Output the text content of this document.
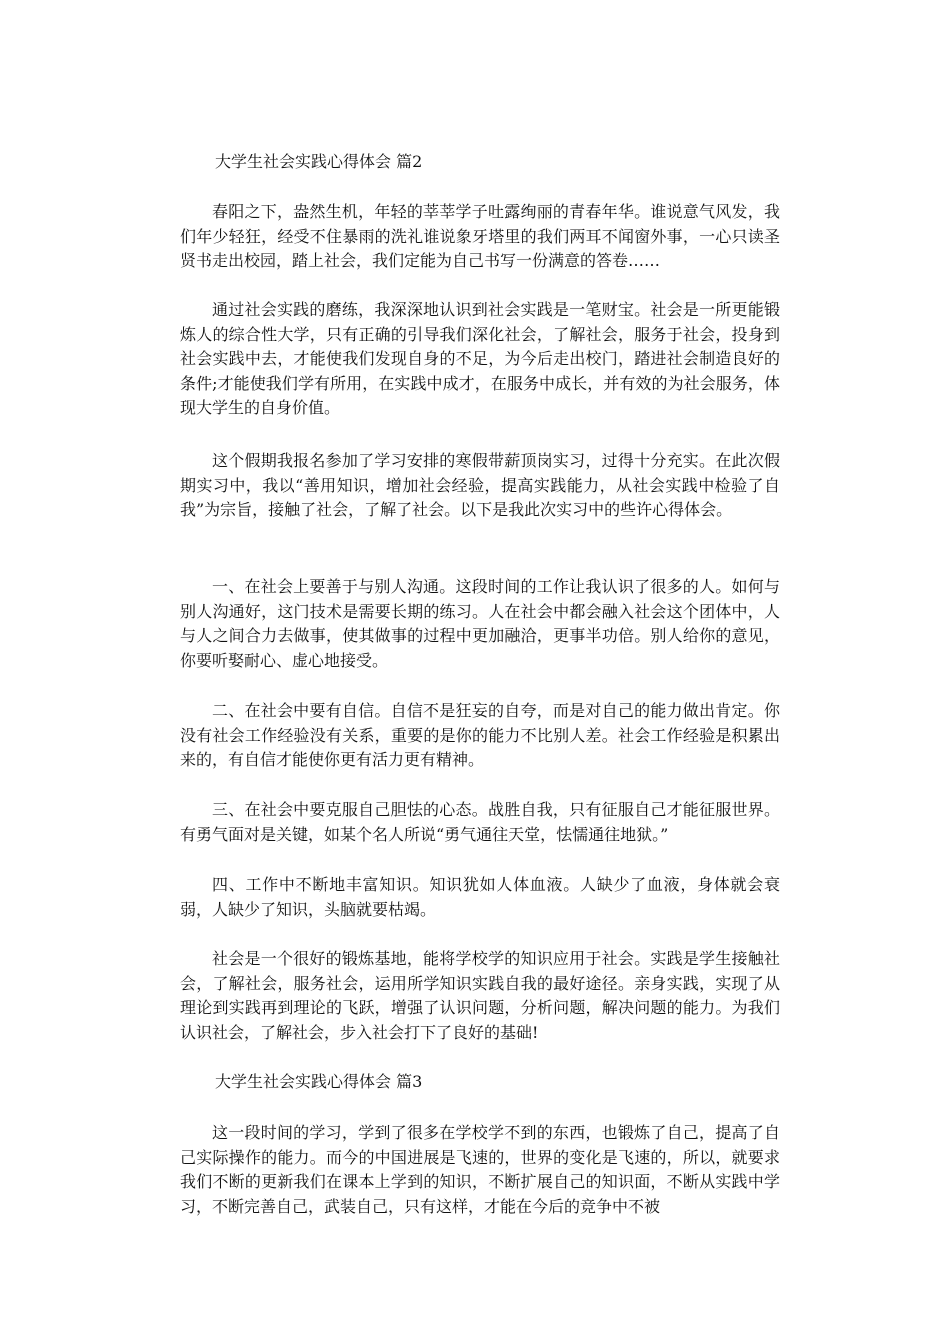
大学生社会实践心得体会 篇2

春阳之下，盎然生机，年轻的莘莘学子吐露绚丽的青春年华。谁说意气风发，我们年少轻狂，经受不住暴雨的洗礼谁说象牙塔里的我们两耳不闻窗外事，一心只读圣贤书走出校园，踏上社会，我们定能为自己书写一份满意的答卷……

通过社会实践的磨练，我深深地认识到社会实践是一笔财宝。社会是一所更能锻炼人的综合性大学，只有正确的引导我们深化社会，了解社会，服务于社会，投身到社会实践中去，才能使我们发现自身的不足，为今后走出校门，踏进社会制造良好的条件;才能使我们学有所用，在实践中成才，在服务中成长，并有效的为社会服务，体现大学生的自身价值。

这个假期我报名参加了学习安排的寒假带薪顶岗实习，过得十分充实。在此次假期实习中，我以“善用知识，增加社会经验，提高实践能力，从社会实践中检验了自我”为宗旨，接触了社会，了解了社会。以下是我此次实习中的些许心得体会。

一、在社会上要善于与别人沟通。这段时间的工作让我认识了很多的人。如何与别人沟通好，这门技术是需要长期的练习。人在社会中都会融入社会这个团体中，人与人之间合力去做事，使其做事的过程中更加融洽，更事半功倍。别人给你的意见，你要听娶耐心、虚心地接受。

二、在社会中要有自信。自信不是狂妄的自夸，而是对自己的能力做出肯定。你没有社会工作经验没有关系，重要的是你的能力不比别人差。社会工作经验是积累出来的，有自信才能使你更有活力更有精神。

三、在社会中要克服自己胆怯的心态。战胜自我，只有征服自己才能征服世界。有勇气面对是关键，如某个名人所说“勇气通往天堂，怯懦通往地狱。”

四、工作中不断地丰富知识。知识犹如人体血液。人缺少了血液，身体就会衰弱，人缺少了知识，头脑就要枯竭。

社会是一个很好的锻炼基地，能将学校学的知识应用于社会。实践是学生接触社会，了解社会，服务社会，运用所学知识实践自我的最好途径。亲身实践，实现了从理论到实践再到理论的飞跃，增强了认识问题，分析问题，解决问题的能力。为我们认识社会，了解社会，步入社会打下了良好的基础!

大学生社会实践心得体会 篇3

这一段时间的学习，学到了很多在学校学不到的东西，也锻炼了自己，提高了自己实际操作的能力。而今的中国进展是飞速的，世界的变化是飞速的，所以，就要求我们不断的更新我们在课本上学到的知识，不断扩展自己的知识面，不断从实践中学习，不断完善自己，武装自己，只有这样，才能在今后的竞争中不被
